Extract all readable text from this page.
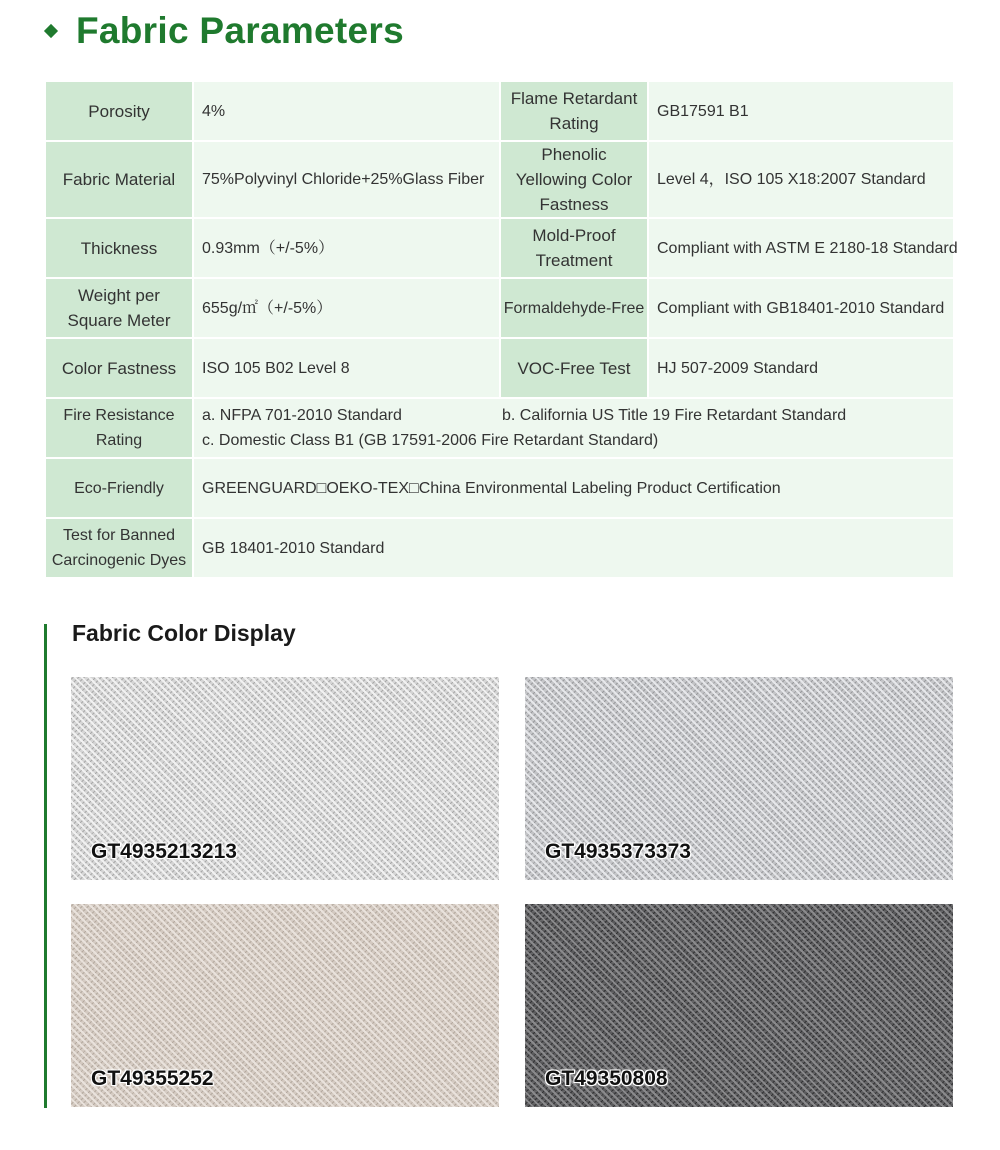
Fabric Parameters
Porosity	4%	Flame Retardant Rating	GB17591 B1
Fabric Material	75%Polyvinyl Chloride+25%Glass Fiber	Phenolic Yellowing Color Fastness	Level 4，ISO 105 X18:2007 Standard
Thickness	0.93mm（+/-5%）	Mold-Proof Treatment	Compliant with ASTM E 2180-18 Standard
Weight per Square Meter	655g/㎡（+/-5%）	Formaldehyde-Free	Compliant with GB18401-2010 Standard
Color Fastness	ISO 105 B02 Level 8	VOC-Free Test	HJ 507-2009 Standard
Fire Resistance Rating	a. NFPA 701-2010 Standard b. California US Title 19 Fire Retardant Standard
c. Domestic Class B1 (GB 17591-2006 Fire Retardant Standard)		

Eco-Friendly	GREENGUARD□OEKO-TEX□China Environmental Labeling Product Certification		
Test for Banned Carcinogenic Dyes	GB 18401-2010 Standard		
Fabric Color Display
GT4935213213	GT4935373373
GT49355252	GT49350808
